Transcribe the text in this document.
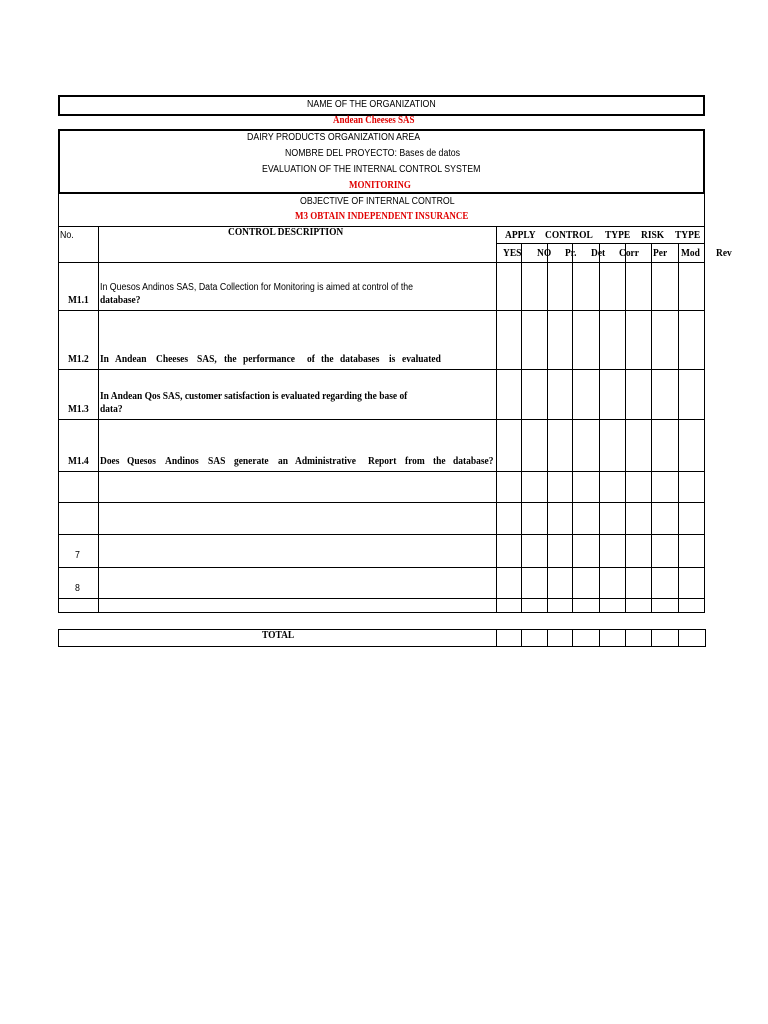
NAME OF THE ORGANIZATION
Andean Cheeses SAS
DAIRY PRODUCTS ORGANIZATION AREA
NOMBRE DEL PROYECTO: Bases de datos
EVALUATION OF THE INTERNAL CONTROL SYSTEM
MONITORING
OBJECTIVE OF INTERNAL CONTROL
M3 OBTAIN INDEPENDENT INSURANCE
No.	CONTROL DESCRIPTION	APPLY CONTROL TYPE RISK TYPE
YES NO Pr. Det Corr Per Mod Rev
M1.1
In Quesos Andinos SAS, Data Collection for Monitoring is aimed at control of the
database?
M1.2 In Andean Cheeses SAS, the performance of the databases is evaluated
M1.3
In Andean Qos SAS, customer satisfaction is evaluated regarding the base of
data?
M1.4 Does Quesos Andinos SAS generate an Administrative Report from the database?
7
8
TOTAL
